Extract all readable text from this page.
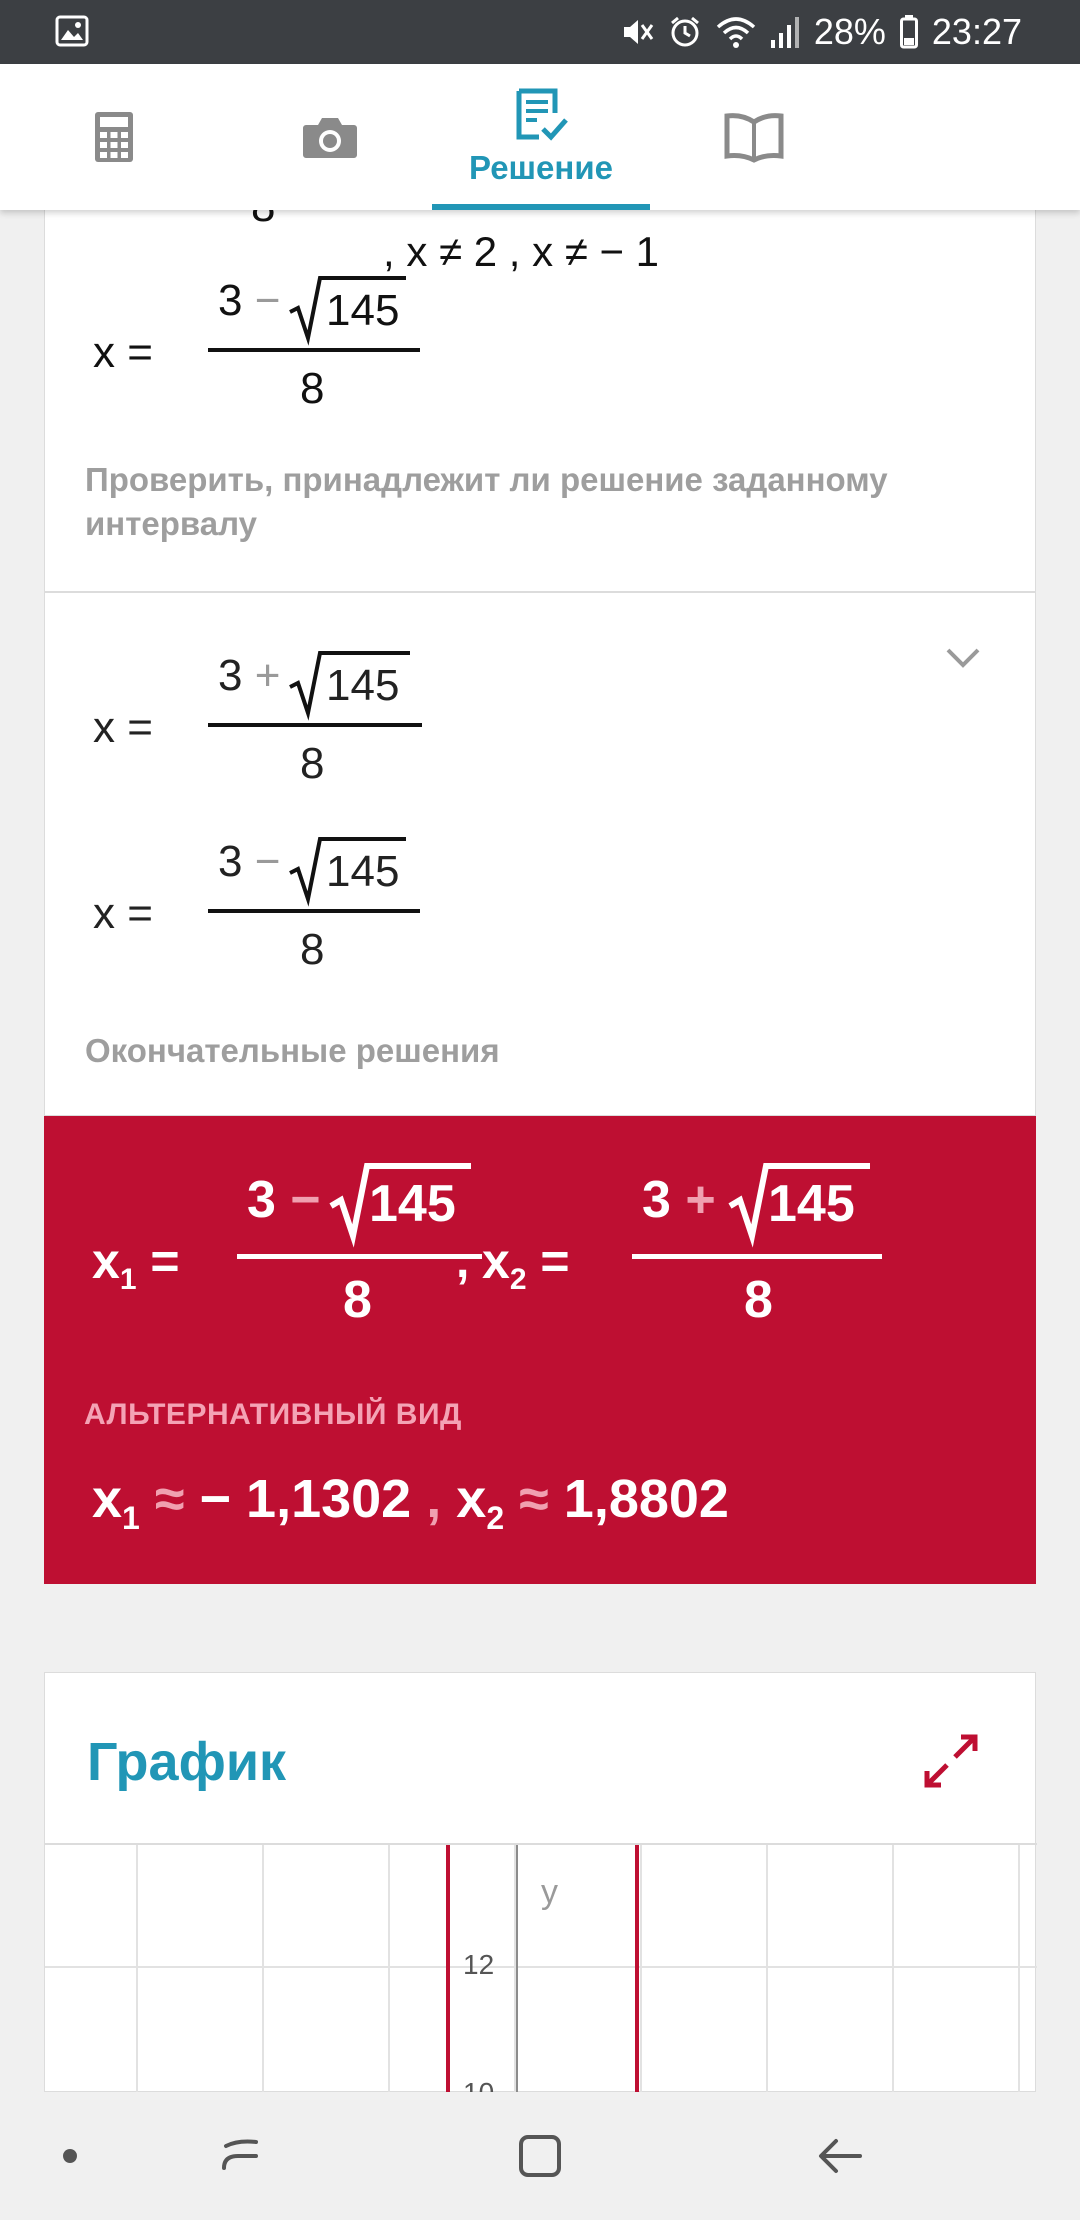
28% 23:27
, x ≠ 2 , x ≠ − 1
x =
3 − 145
8
Проверить, принадлежит ли решение заданному интервалу
x =
3 + 145
8
x =
3 − 145
8
Окончательные решения
$x_1$ =
3 − 145
8
, $x_2$ =
3 + 145
8
АЛЬТЕРНАТИВНЫЙ ВИД
$x_1$ ≈ − 1,1302 , $x_2 \approx 1,8802$
График
y
12
Решение
